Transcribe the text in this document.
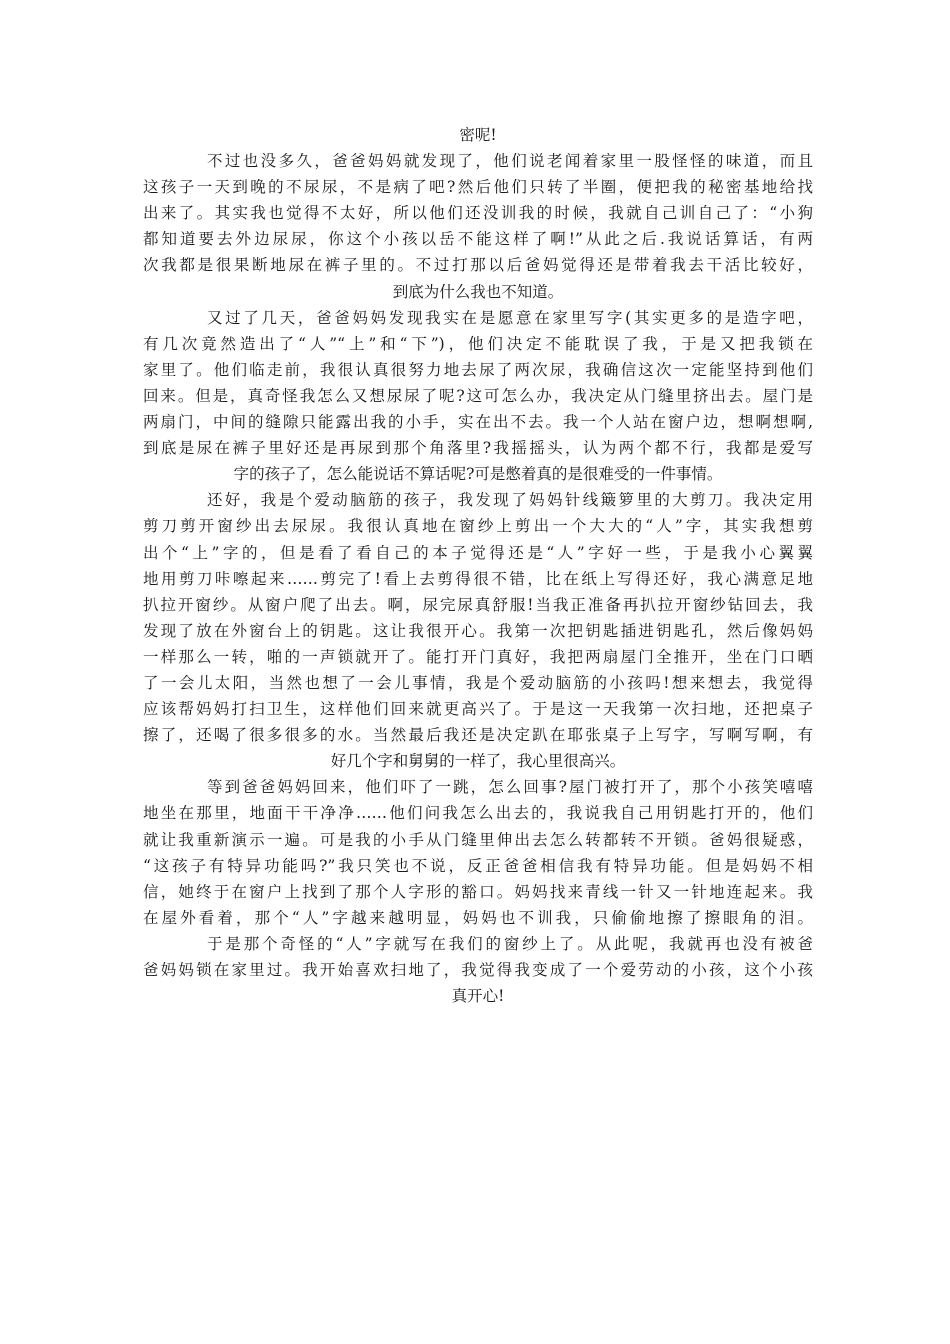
密呢!
不过也没多久，爸爸妈妈就发现了，他们说老闻着家里一股怪怪的味道，而且
这孩子一天到晚的不尿尿，不是病了吧?然后他们只转了半圈，便把我的秘密基地给找
出来了。其实我也觉得不太好，所以他们还没训我的时候，我就自己训自己了：“小狗
都知道要去外边尿尿，你这个小孩以岳不能这样了啊!”从此之后.我说话算话，有两
次我都是很果断地尿在裤子里的。不过打那以后爸妈觉得还是带着我去干活比较好，
到底为什么我也不知道。
又过了几天，爸爸妈妈发现我实在是愿意在家里写字(其实更多的是造字吧，
有几次竟然造出了“人”“上”和“下”)，他们决定不能耽误了我，于是又把我锁在
家里了。他们临走前，我很认真很努力地去尿了两次尿，我确信这次一定能坚持到他们
回来。但是，真奇怪我怎么又想尿尿了呢?这可怎么办，我决定从门缝里挤出去。屋门是
两扇门，中间的缝隙只能露出我的小手，实在出不去。我一个人站在窗户边，想啊想啊,
到底是尿在裤子里好还是再尿到那个角落里?我摇摇头，认为两个都不行，我都是爱写
字的孩子了，怎么能说话不算话呢?可是憋着真的是很难受的一件事情。
还好，我是个爱动脑筋的孩子，我发现了妈妈针线簸箩里的大剪刀。我决定用
剪刀剪开窗纱出去尿尿。我很认真地在窗纱上剪出一个大大的“人”字，其实我想剪
出个“上”字的，但是看了看自己的本子觉得还是“人”字好一些，于是我小心翼翼
地用剪刀咔嚓起来……剪完了!看上去剪得很不错，比在纸上写得还好，我心满意足地
扒拉开窗纱。从窗户爬了出去。啊，尿完尿真舒服!当我正准备再扒拉开窗纱钻回去，我
发现了放在外窗台上的钥匙。这让我很开心。我第一次把钥匙插进钥匙孔，然后像妈妈
一样那么一转，啪的一声锁就开了。能打开门真好，我把两扇屋门全推开，坐在门口晒
了一会儿太阳，当然也想了一会儿事情，我是个爱动脑筋的小孩吗!想来想去，我觉得
应该帮妈妈打扫卫生，这样他们回来就更高兴了。于是这一天我第一次扫地，还把桌子
擦了，还喝了很多很多的水。当然最后我还是决定趴在耶张桌子上写字，写啊写啊，有
好几个字和舅舅的一样了，我心里很高兴。
等到爸爸妈妈回来，他们吓了一跳，怎么回事?屋门被打开了，那个小孩笑嘻嘻
地坐在那里，地面干干净净……他们问我怎么出去的，我说我自己用钥匙打开的，他们
就让我重新演示一遍。可是我的小手从门缝里伸出去怎么转都转不开锁。爸妈很疑惑，
“这孩子有特异功能吗?”我只笑也不说，反正爸爸相信我有特异功能。但是妈妈不相
信，她终于在窗户上找到了那个人字形的豁口。妈妈找来青线一针又一针地连起来。我
在屋外看着，那个“人”字越来越明显，妈妈也不训我，只偷偷地擦了擦眼角的泪。
于是那个奇怪的“人”字就写在我们的窗纱上了。从此呢，我就再也没有被爸
爸妈妈锁在家里过。我开始喜欢扫地了，我觉得我变成了一个爱劳动的小孩，这个小孩
真开心!
